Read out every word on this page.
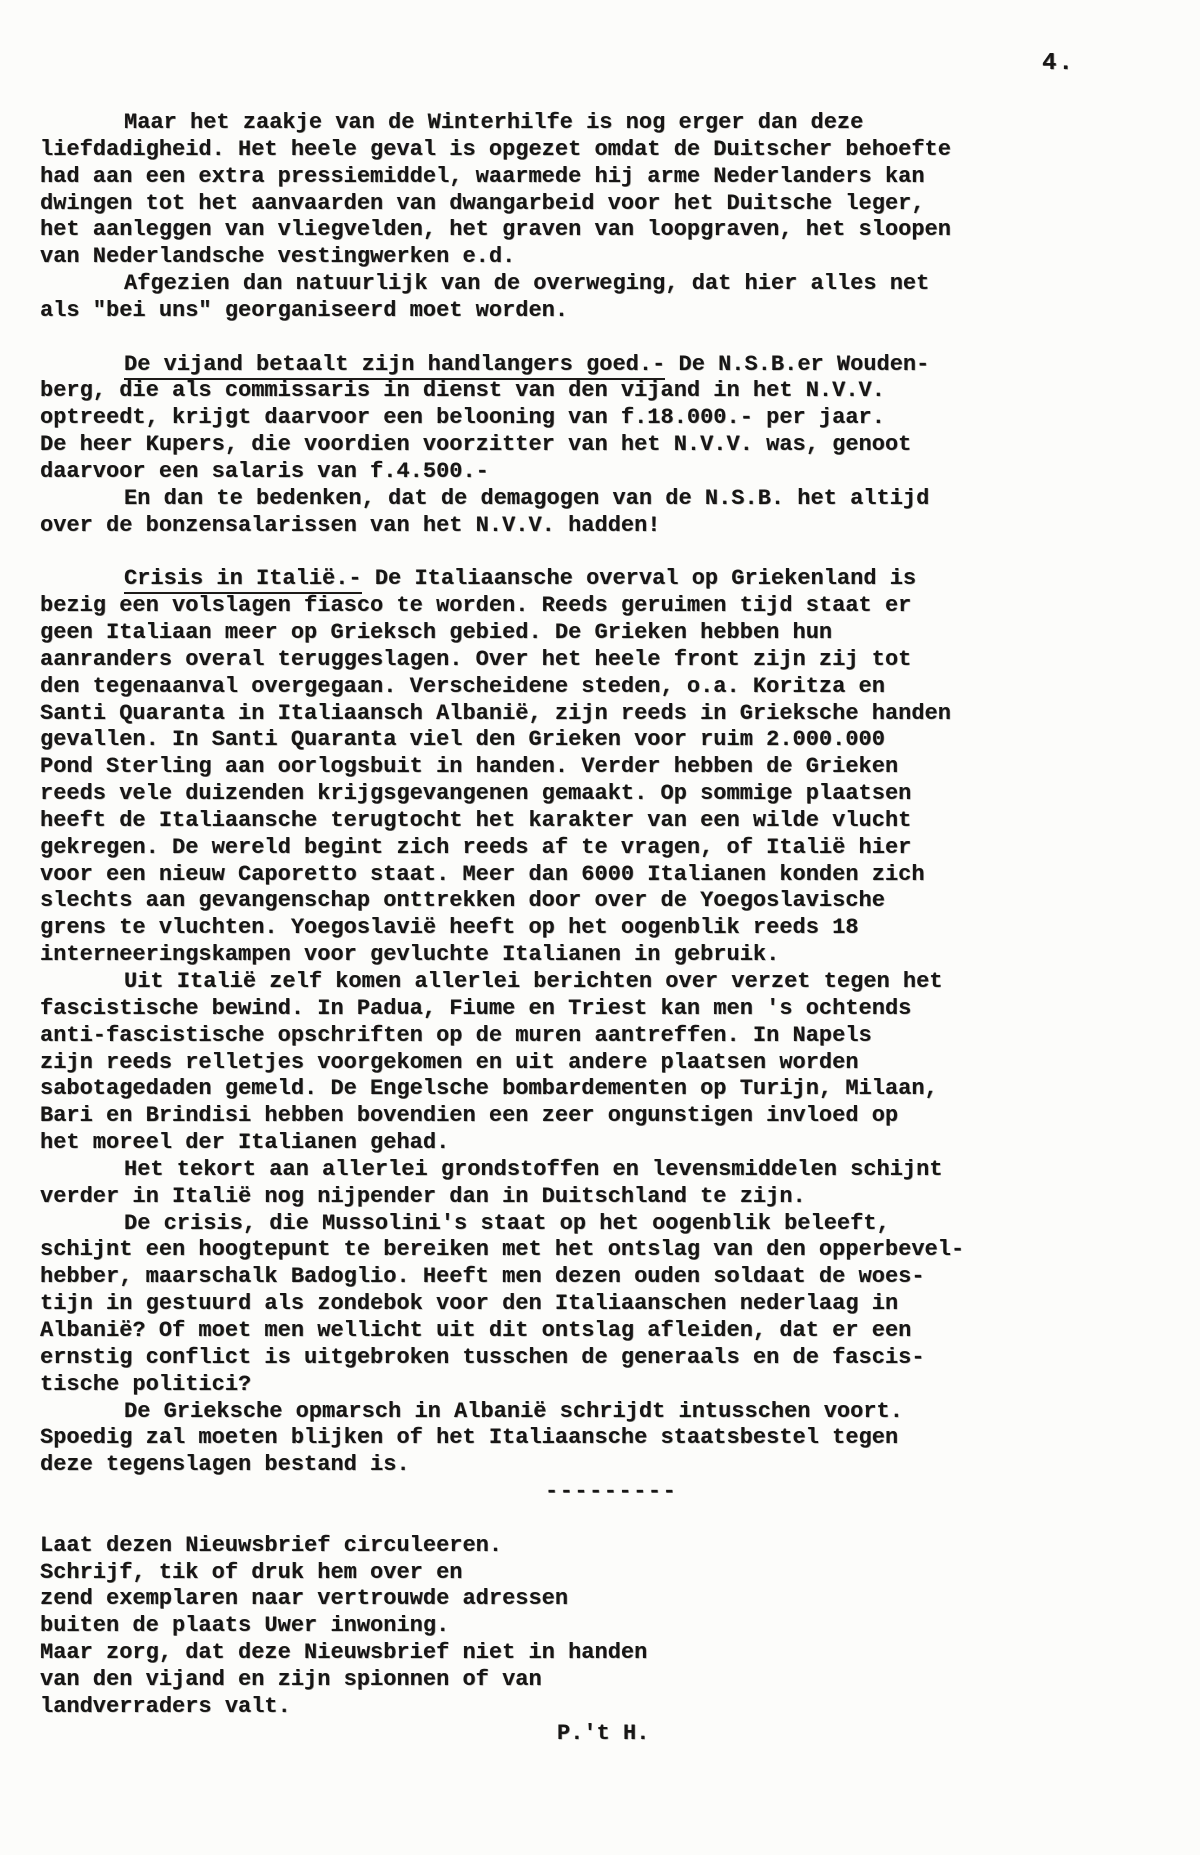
4.
Maar het zaakje van de Winterhilfe is nog erger dan deze
liefdadigheid. Het heele geval is opgezet omdat de Duitscher behoefte
had aan een extra pressiemiddel, waarmede hij arme Nederlanders kan
dwingen tot het aanvaarden van dwangarbeid voor het Duitsche leger,
het aanleggen van vliegvelden, het graven van loopgraven, het sloopen
van Nederlandsche vestingwerken e.d.
Afgezien dan natuurlijk van de overweging, dat hier alles net
als "bei uns" georganiseerd moet worden.
De vijand betaalt zijn handlangers goed.- De N.S.B.er Wouden-
berg, die als commissaris in dienst van den vijand in het N.V.V.
optreedt, krijgt daarvoor een belooning van f.18.000.- per jaar.
De heer Kupers, die voordien voorzitter van het N.V.V. was, genoot
daarvoor een salaris van f.4.500.-
En dan te bedenken, dat de demagogen van de N.S.B. het altijd
over de bonzensalarissen van het N.V.V. hadden!
Crisis in Italië.- De Italiaansche overval op Griekenland is
bezig een volslagen fiasco te worden. Reeds geruimen tijd staat er
geen Italiaan meer op Grieksch gebied. De Grieken hebben hun
aanranders overal teruggeslagen. Over het heele front zijn zij tot
den tegenaanval overgegaan. Verscheidene steden, o.a. Koritza en
Santi Quaranta in Italiaansch Albanië, zijn reeds in Grieksche handen
gevallen. In Santi Quaranta viel den Grieken voor ruim 2.000.000
Pond Sterling aan oorlogsbuit in handen. Verder hebben de Grieken
reeds vele duizenden krijgsgevangenen gemaakt. Op sommige plaatsen
heeft de Italiaansche terugtocht het karakter van een wilde vlucht
gekregen. De wereld begint zich reeds af te vragen, of Italië hier
voor een nieuw Caporetto staat. Meer dan 6000 Italianen konden zich
slechts aan gevangenschap onttrekken door over de Yoegoslavische
grens te vluchten. Yoegoslavië heeft op het oogenblik reeds 18
interneeringskampen voor gevluchte Italianen in gebruik.
Uit Italië zelf komen allerlei berichten over verzet tegen het
fascistische bewind. In Padua, Fiume en Triest kan men 's ochtends
anti-fascistische opschriften op de muren aantreffen. In Napels
zijn reeds relletjes voorgekomen en uit andere plaatsen worden
sabotagedaden gemeld. De Engelsche bombardementen op Turijn, Milaan,
Bari en Brindisi hebben bovendien een zeer ongunstigen invloed op
het moreel der Italianen gehad.
Het tekort aan allerlei grondstoffen en levensmiddelen schijnt
verder in Italië nog nijpender dan in Duitschland te zijn.
De crisis, die Mussolini's staat op het oogenblik beleeft,
schijnt een hoogtepunt te bereiken met het ontslag van den opperbevel-
hebber, maarschalk Badoglio. Heeft men dezen ouden soldaat de woes-
tijn in gestuurd als zondebok voor den Italiaanschen nederlaag in
Albanië? Of moet men wellicht uit dit ontslag afleiden, dat er een
ernstig conflict is uitgebroken tusschen de generaals en de fascis-
tische politici?
De Grieksche opmarsch in Albanië schrijdt intusschen voort.
Spoedig zal moeten blijken of het Italiaansche staatsbestel tegen
deze tegenslagen bestand is.
---------
Laat dezen Nieuwsbrief circuleeren.
Schrijf, tik of druk hem over en
zend exemplaren naar vertrouwde adressen
buiten de plaats Uwer inwoning.
Maar zorg, dat deze Nieuwsbrief niet in handen
van den vijand en zijn spionnen of van
landverraders valt.
P.'t H.
